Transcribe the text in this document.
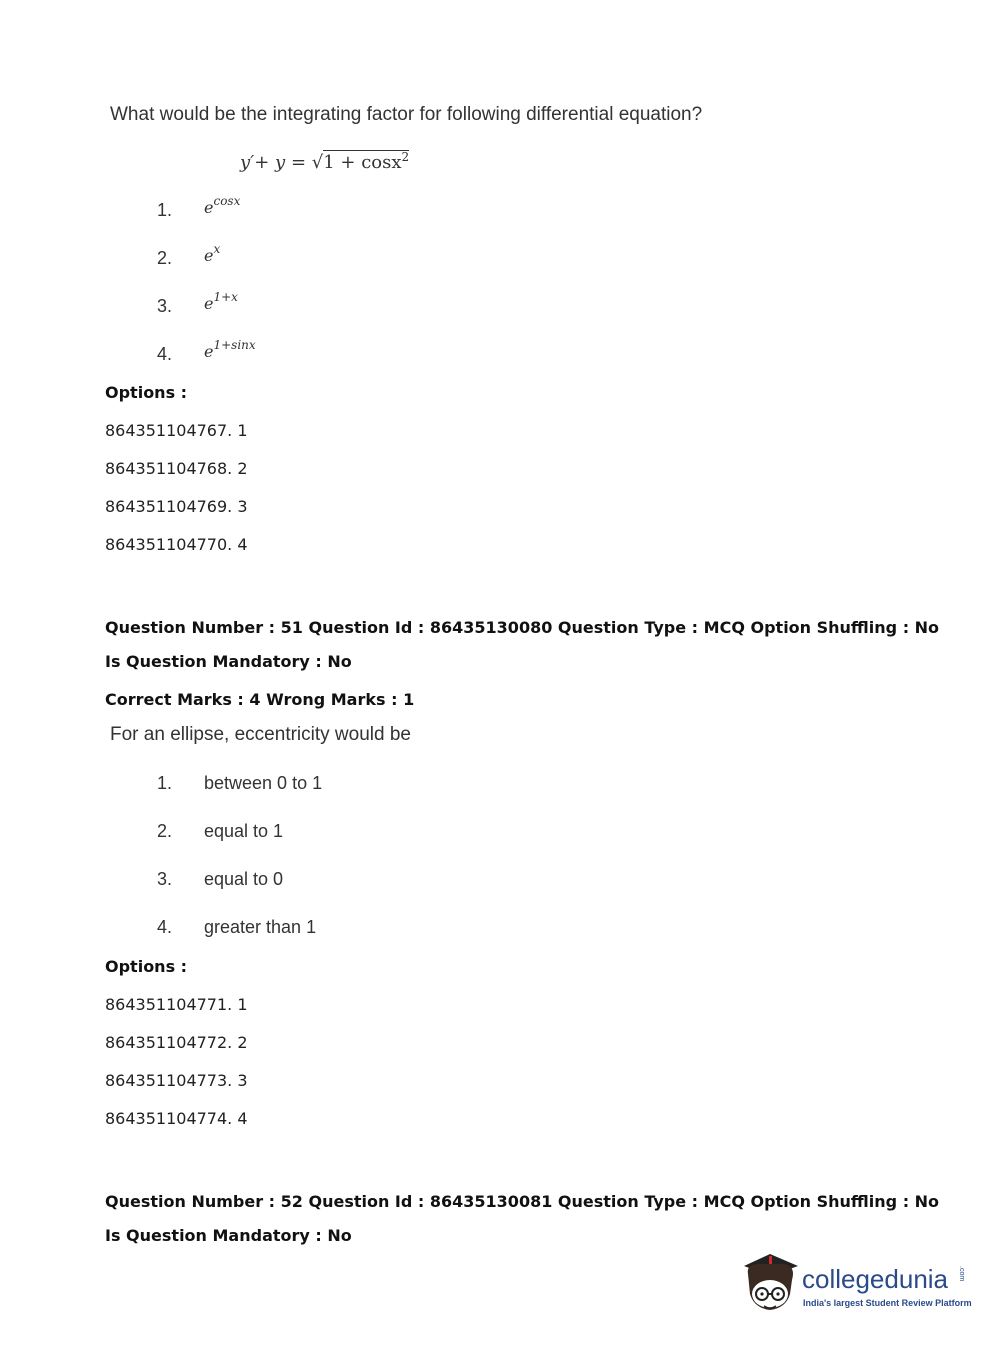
What would be the integrating factor for following differential equation?
y′+ y = √1 + cosx$^2$
1. $e^{cosx}$
2. $e^x$
3. $e^{1+x}$
4. $e^{1+sinx}$
Options :
864351104767. 1
864351104768. 2
864351104769. 3
864351104770. 4
Question Number : 51 Question Id : 86435130080 Question Type : MCQ Option Shuffling : No
Is Question Mandatory : No
Correct Marks : 4 Wrong Marks : 1
For an ellipse, eccentricity would be
1. between 0 to 1
2. equal to 1
3. equal to 0
4. greater than 1
Options :
864351104771. 1
864351104772. 2
864351104773. 3
864351104774. 4
Question Number : 52 Question Id : 86435130081 Question Type : MCQ Option Shuffling : No
Is Question Mandatory : No
collegedunia .com
India's largest Student Review Platform
